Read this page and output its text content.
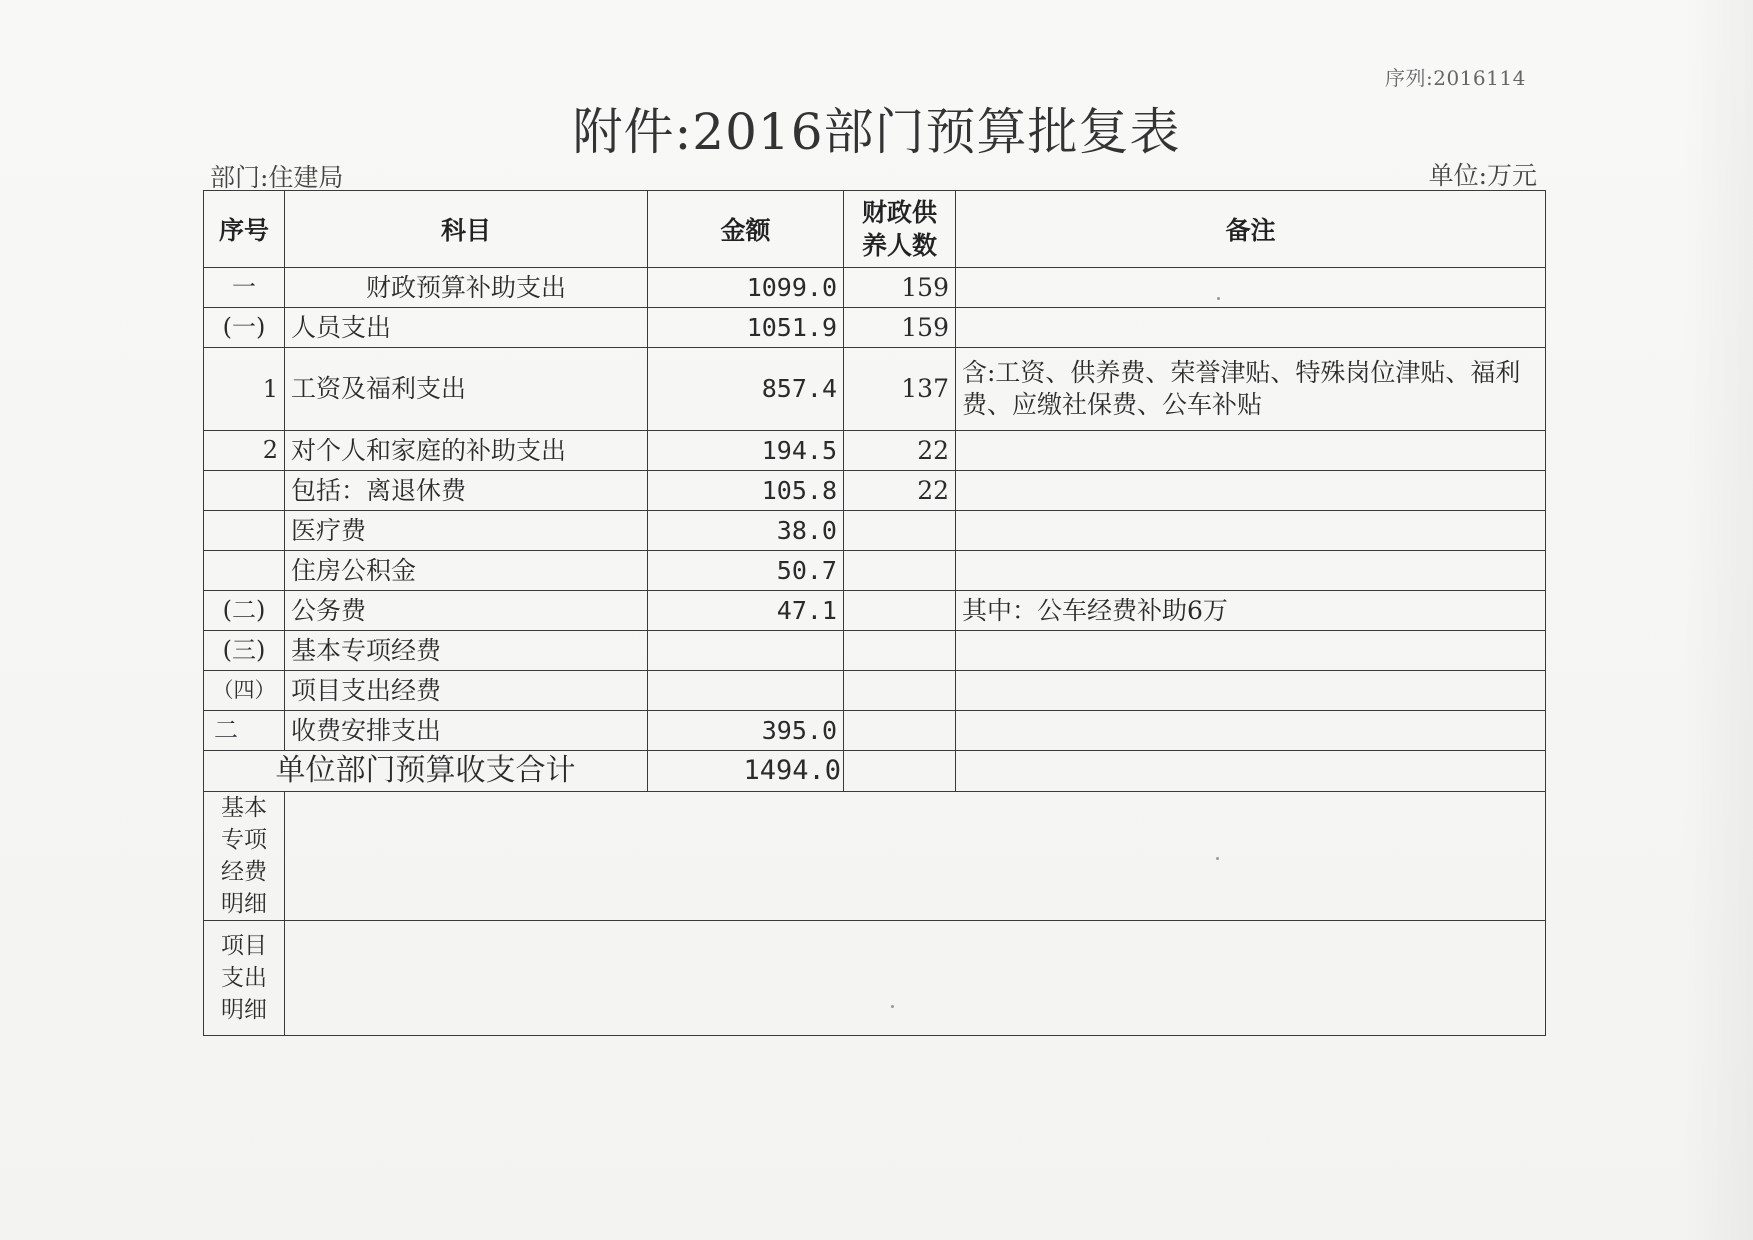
序列:2016114
附件:2016部门预算批复表
部门:住建局	单位:万元
序号	科目	金额	财政供养人数	备注
一	财政预算补助支出	1099.0	159	
(一)	人员支出	1051.9	159	
1	工资及福利支出	857.4	137	含:工资、供养费、荣誉津贴、特殊岗位津贴、福利费、应缴社保费、公车补贴
2	对个人和家庭的补助支出	194.5	22	
	包括：离退休费	105.8	22	
	医疗费	38.0		
	住房公积金	50.7		
(二)	公务费	47.1		其中：公车经费补助6万
(三)	基本专项经费			
（四）	项目支出经费			
二	收费安排支出	395.0		
单位部门预算收支合计		1494.0		
基本专项经费明细				
项目支出明细				
